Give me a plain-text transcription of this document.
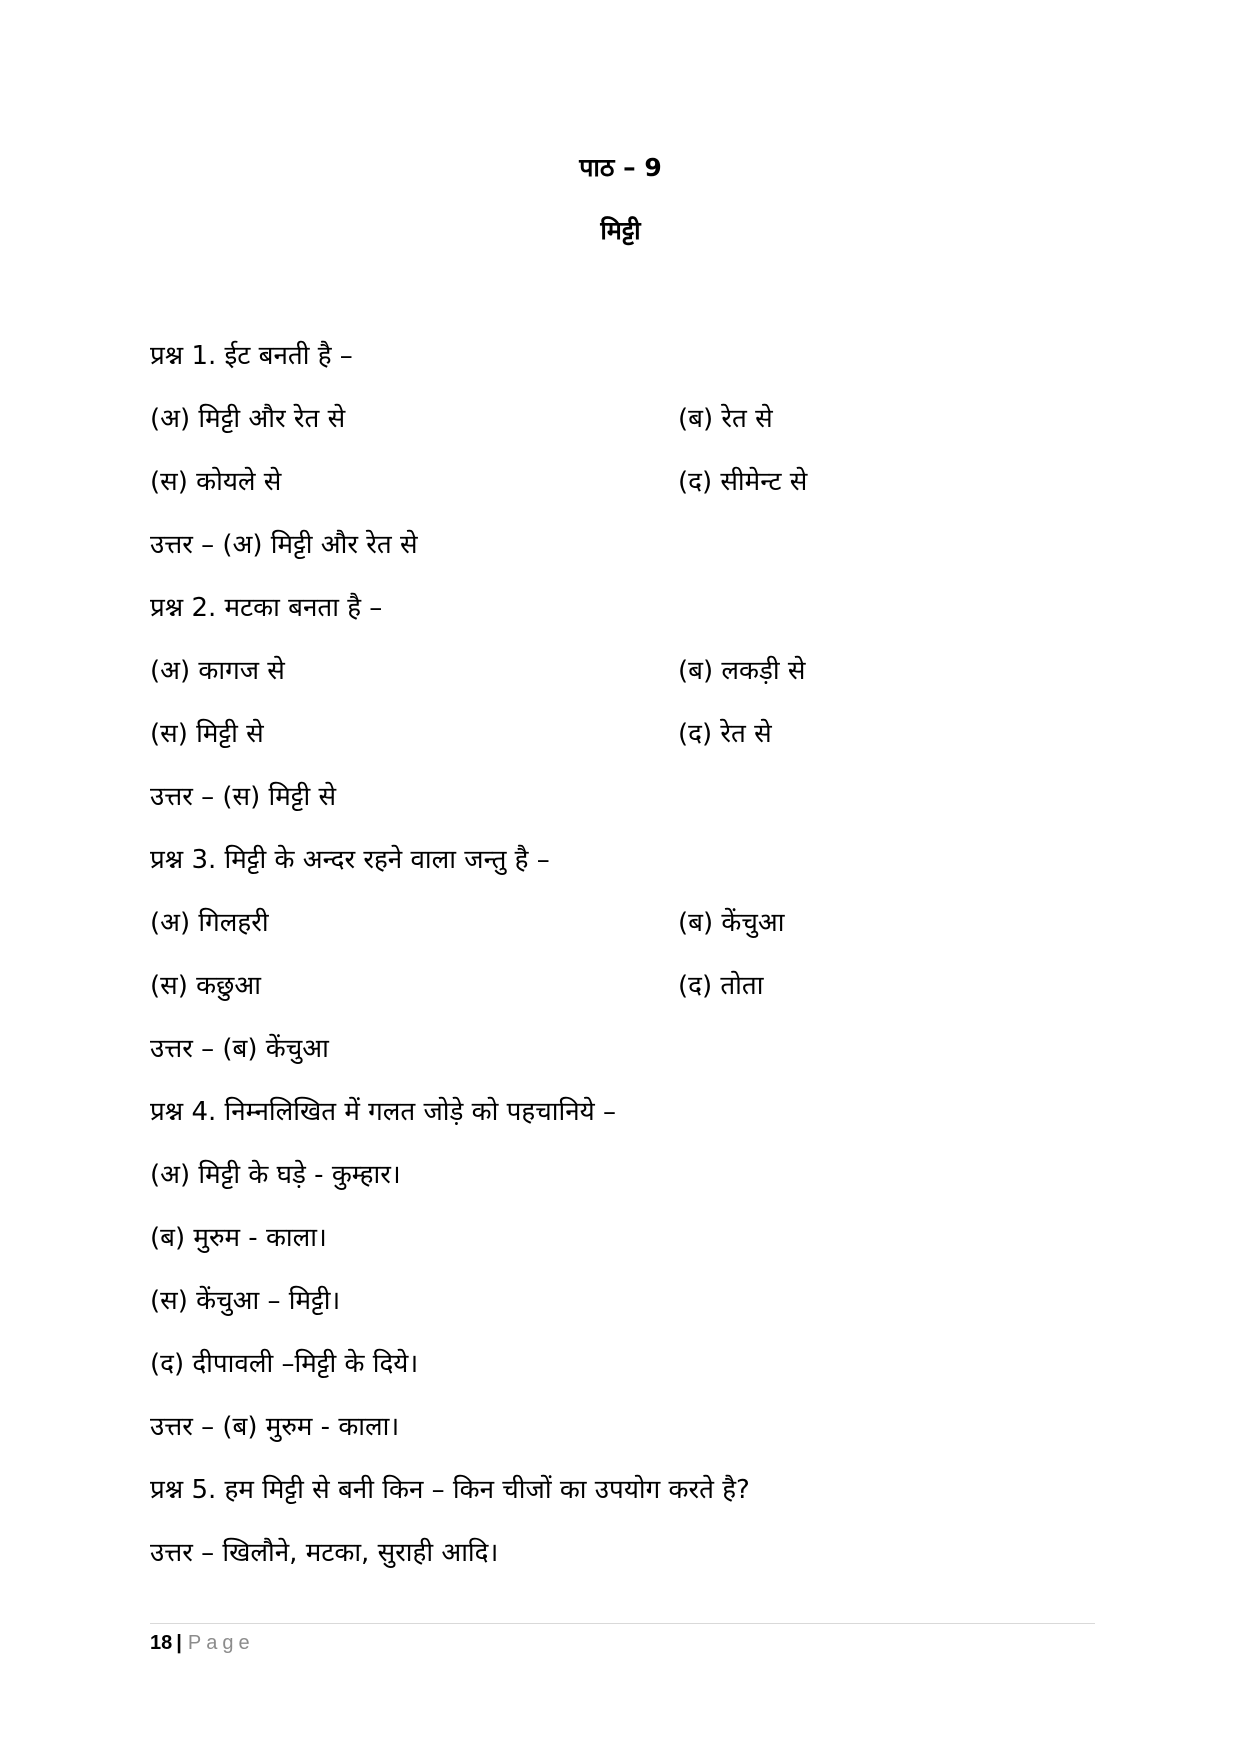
पाठ – 9
मिट्टी
प्रश्न 1. ईट बनती है –
(अ) मिट्टी और रेत से	(ब) रेत से
(स) कोयले से	(द) सीमेन्ट से
उत्तर – (अ) मिट्टी और रेत से
प्रश्न 2. मटका बनता है –
(अ) कागज से	(ब) लकड़ी से
(स) मिट्टी से	(द) रेत से
उत्तर – (स) मिट्टी से
प्रश्न 3. मिट्टी के अन्दर रहने वाला जन्तु है –
(अ) गिलहरी	(ब) केंचुआ
(स) कछुआ	(द) तोता
उत्तर – (ब) केंचुआ
प्रश्न 4. निम्नलिखित में गलत जोड़े को पहचानिये –
(अ) मिट्टी के घड़े - कुम्हार।
(ब) मुरुम - काला।
(स) केंचुआ – मिट्टी।
(द) दीपावली –मिट्टी के दिये।
उत्तर – (ब) मुरुम - काला।
प्रश्न 5. हम मिट्टी से बनी किन – किन चीजों का उपयोग करते है?
उत्तर – खिलौने, मटका, सुराही आदि।
18 | Page
